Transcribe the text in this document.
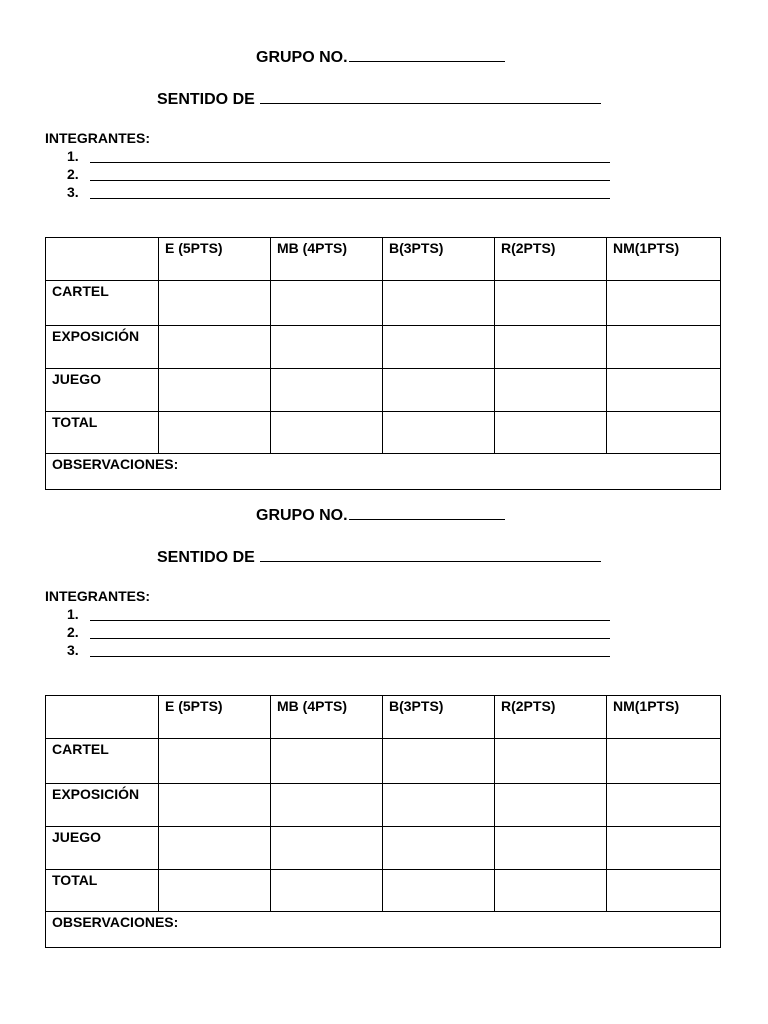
GRUPO NO.
SENTIDO DE
INTEGRANTES:
1.
2.
3.
	E (5PTS)	MB (4PTS)	B(3PTS)	R(2PTS)	NM(1PTS)
CARTEL					
EXPOSICIÓN					
JUEGO					
TOTAL					
OBSERVACIONES:					
GRUPO NO.
SENTIDO DE
INTEGRANTES:
1.
2.
3.
	E (5PTS)	MB (4PTS)	B(3PTS)	R(2PTS)	NM(1PTS)
CARTEL					
EXPOSICIÓN					
JUEGO					
TOTAL					
OBSERVACIONES:					
